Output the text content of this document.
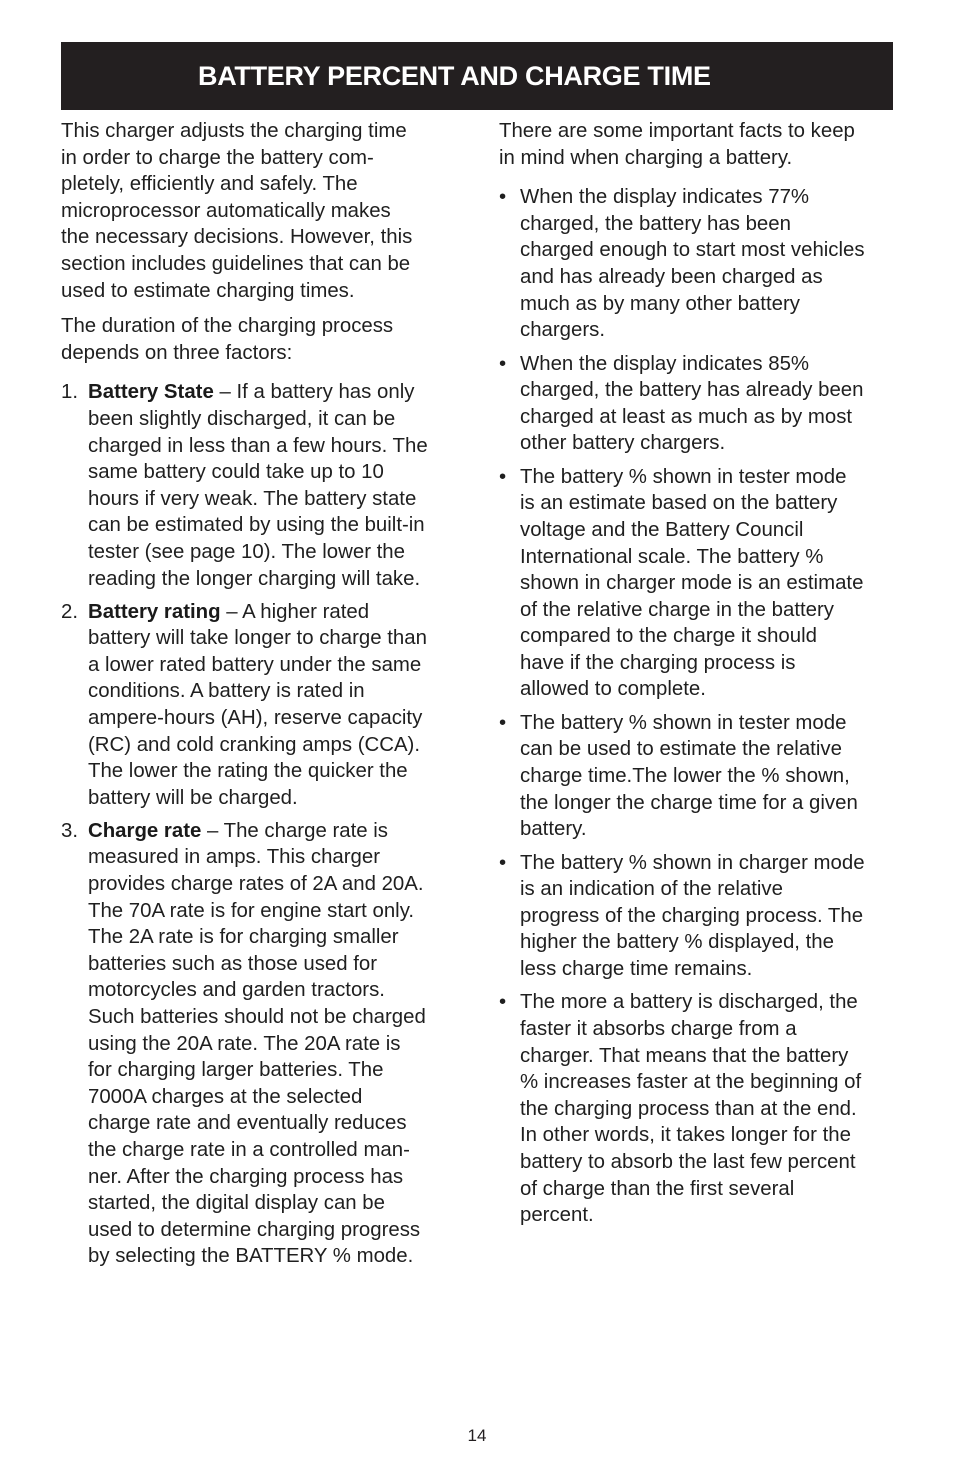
BATTERY PERCENT AND CHARGE TIME

This charger adjusts the charging time
in order to charge the battery com-
pletely, efficiently and safely. The
microprocessor automatically makes
the necessary decisions. However, this
section includes guidelines that can be
used to estimate charging times.

The duration of the charging process
depends on three factors:

1. Battery State – If a battery has only
been slightly discharged, it can be
charged in less than a few hours. The
same battery could take up to 10
hours if very weak. The battery state
can be estimated by using the built-in
tester (see page 10). The lower the
reading the longer charging will take.
2. Battery rating – A higher rated
battery will take longer to charge than
a lower rated battery under the same
conditions. A battery is rated in
ampere-hours (AH), reserve capacity
(RC) and cold cranking amps (CCA).
The lower the rating the quicker the
battery will be charged.
3. Charge rate – The charge rate is
measured in amps. This charger
provides charge rates of 2A and 20A.
The 70A rate is for engine start only.
The 2A rate is for charging smaller
batteries such as those used for
motorcycles and garden tractors.
Such batteries should not be charged
using the 20A rate. The 20A rate is
for charging larger batteries. The
7000A charges at the selected
charge rate and eventually reduces
the charge rate in a controlled man-
ner. After the charging process has
started, the digital display can be
used to determine charging progress
by selecting the BATTERY % mode.

There are some important facts to keep
in mind when charging a battery.

• When the display indicates 77%
charged, the battery has been
charged enough to start most vehicles
and has already been charged as
much as by many other battery
chargers.
• When the display indicates 85%
charged, the battery has already been
charged at least as much as by most
other battery chargers.
• The battery % shown in tester mode
is an estimate based on the battery
voltage and the Battery Council
International scale. The battery %
shown in charger mode is an estimate
of the relative charge in the battery
compared to the charge it should
have if the charging process is
allowed to complete.
• The battery % shown in tester mode
can be used to estimate the relative
charge time.The lower the % shown,
the longer the charge time for a given
battery.
• The battery % shown in charger mode
is an indication of the relative
progress of the charging process. The
higher the battery % displayed, the
less charge time remains.
• The more a battery is discharged, the
faster it absorbs charge from a
charger. That means that the battery
% increases faster at the beginning of
the charging process than at the end.
In other words, it takes longer for the
battery to absorb the last few percent
of charge than the first several
percent.
14
